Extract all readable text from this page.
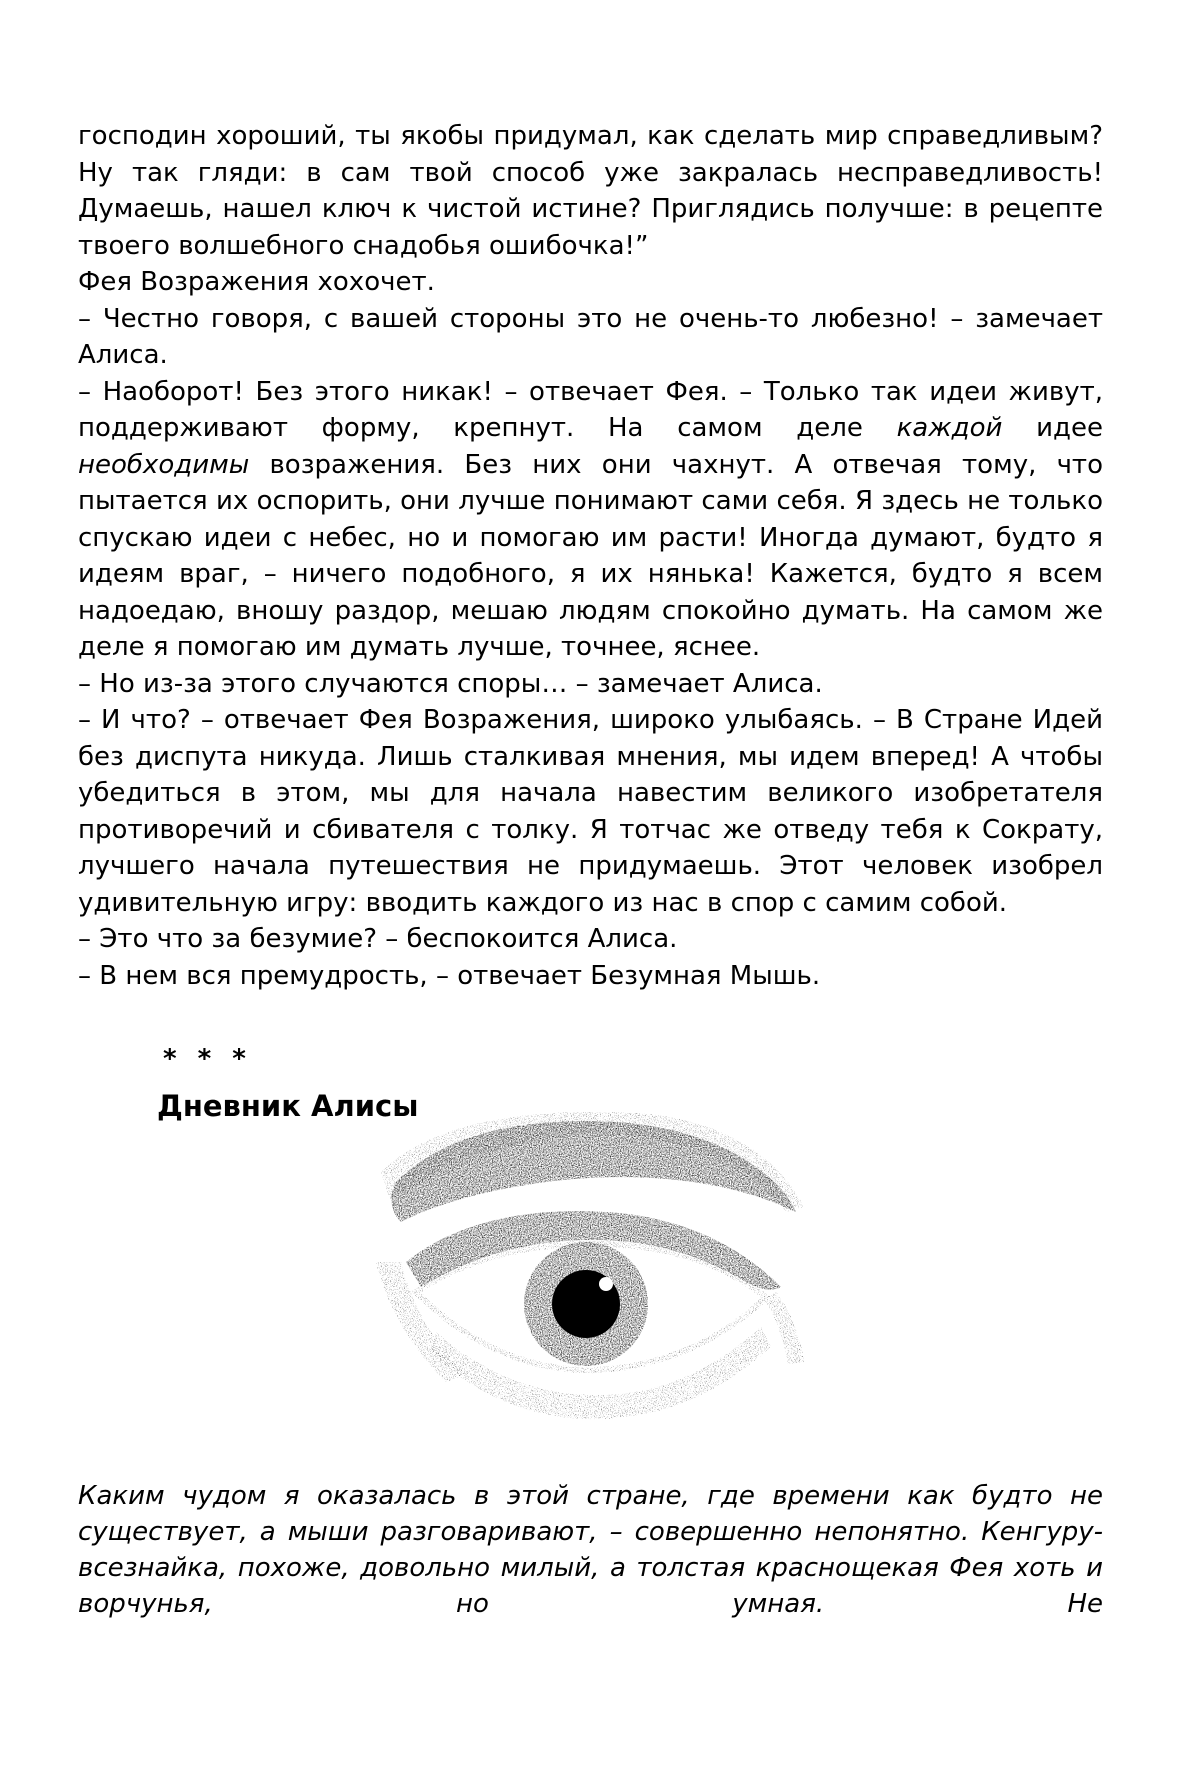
господин хороший, ты якобы придумал, как сделать мир справедливым? Ну так гляди: в сам твой способ уже закралась несправедливость! Думаешь, нашел ключ к чистой истине? Приглядись получше: в рецепте твоего волшебного снадобья ошибочка!”

Фея Возражения хохочет.

– Честно говоря, с вашей стороны это не очень-то любезно! – замечает Алиса.

– Наоборот! Без этого никак! – отвечает Фея. – Только так идеи живут, поддерживают форму, крепнут. На самом деле каждой идее необходимы возражения. Без них они чахнут. А отвечая тому, что пытается их оспорить, они лучше понимают сами себя. Я здесь не только спускаю идеи с небес, но и помогаю им расти! Иногда думают, будто я идеям враг, – ничего подобного, я их нянька! Кажется, будто я всем надоедаю, вношу раздор, мешаю людям спокойно думать. На самом же деле я помогаю им думать лучше, точнее, яснее.

– Но из-за этого случаются споры… – замечает Алиса.

– И что? – отвечает Фея Возражения, широко улыбаясь. – В Стране Идей без диспута никуда. Лишь сталкивая мнения, мы идем вперед! А чтобы убедиться в этом, мы для начала навестим великого изобретателя противоречий и сбивателя с толку. Я тотчас же отведу тебя к Сократу, лучшего начала путешествия не придумаешь. Этот человек изобрел удивительную игру: вводить каждого из нас в спор с самим собой.

– Это что за безумие? – беспокоится Алиса.

– В нем вся премудрость, – отвечает Безумная Мышь.

* * *
Дневник Алисы

Каким чудом я оказалась в этой стране, где времени как будто не существует, а мыши разговаривают, – совершенно непонятно. Кенгуру-всезнайка, похоже, довольно милый, а толстая краснощекая Фея хоть и ворчунья, но умная. Не
